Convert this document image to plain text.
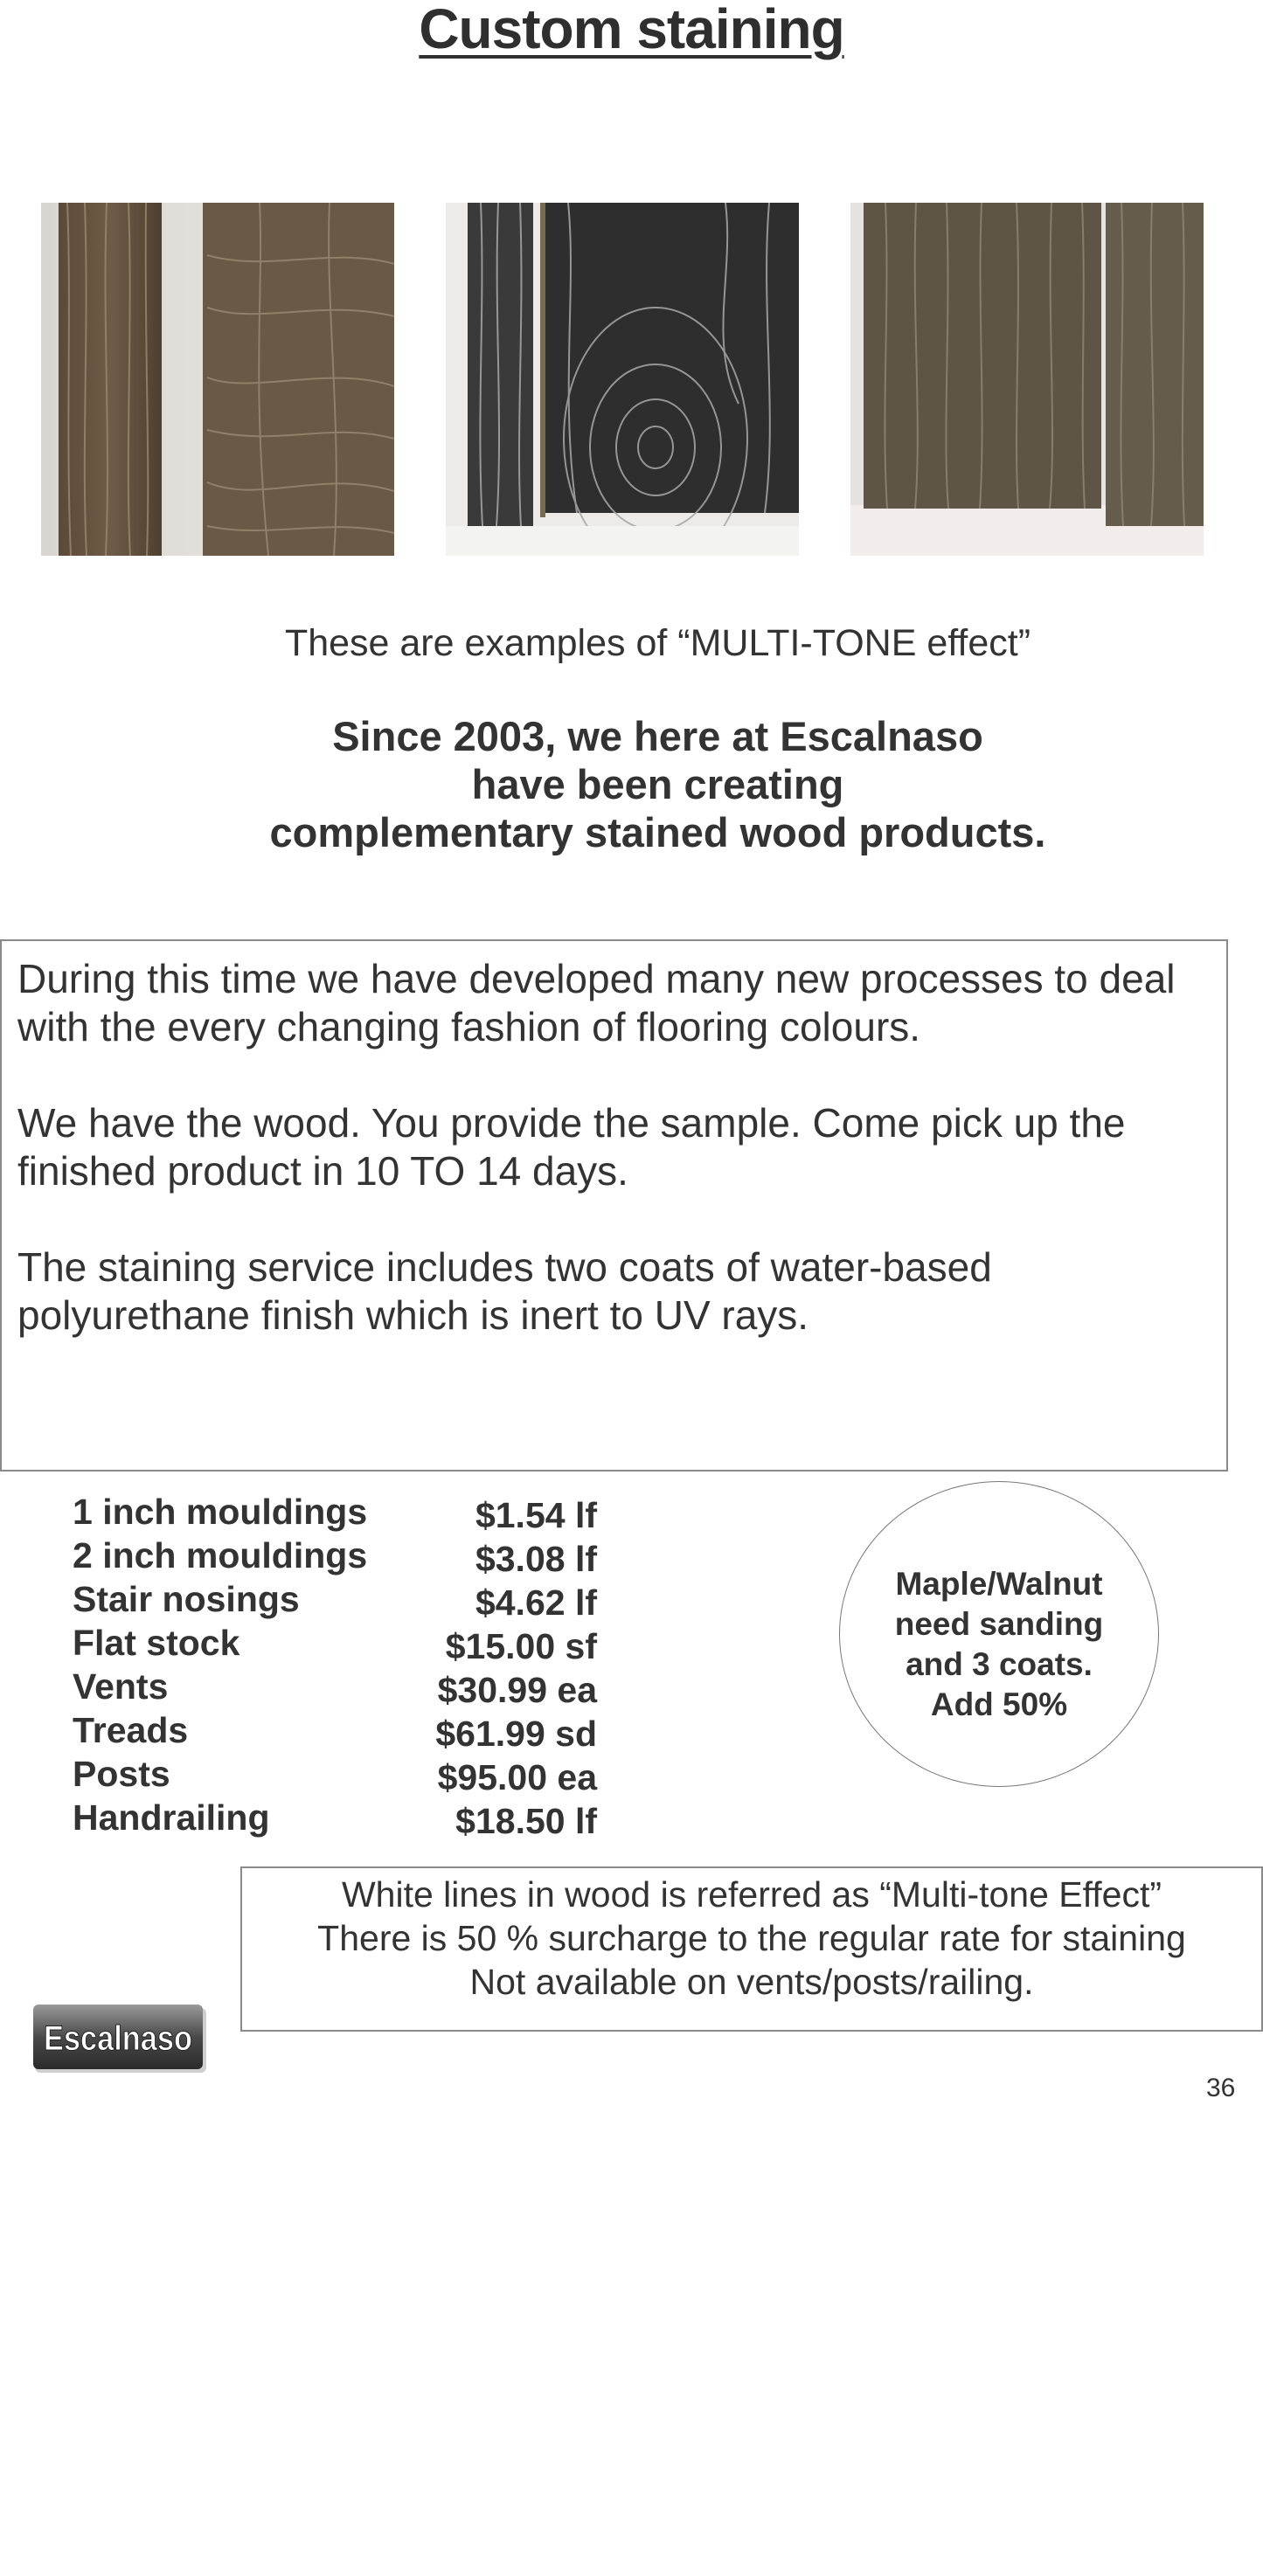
Custom staining
These are examples of “MULTI-TONE effect”
Since 2003, we here at Escalnaso
have been creating
complementary stained wood products.

During this time we have developed many new processes to deal with the every changing fashion of flooring colours.

We have the wood. You provide the sample. Come pick up the finished product in 10 TO 14 days.

The staining service includes two coats of water-based polyurethane finish which is inert to UV rays.

1 inch mouldings	$1.54 lf
2 inch mouldings	$3.08 lf
Stair nosings	$4.62 lf
Flat stock	$15.00 sf
Vents	$30.99 ea
Treads	$61.99 sd
Posts	$95.00 ea
Handrailing	$18.50 lf
Maple/Walnut
need sanding
and 3 coats.
Add 50%
White lines in wood is referred as “Multi-tone Effect”
There is 50 % surcharge to the regular rate for staining
Not available on vents/posts/railing.
Escalnaso
36
